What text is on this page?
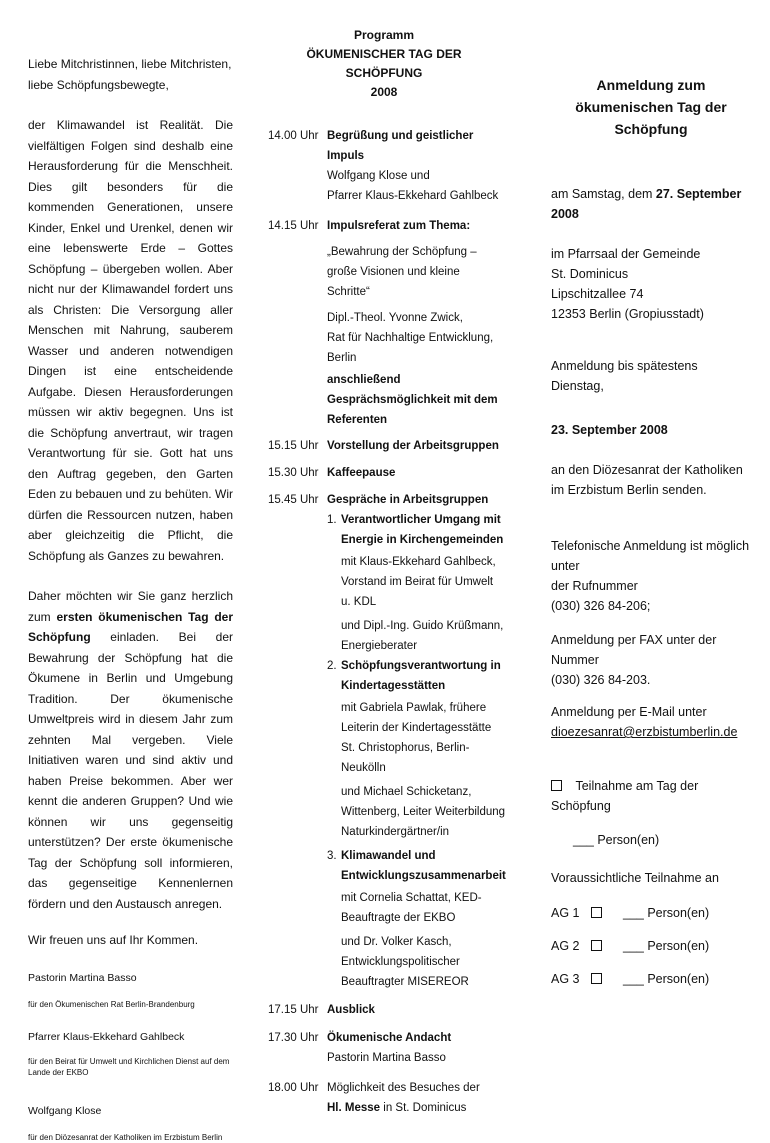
Liebe Mitchristinnen, liebe Mitchristen,

liebe Schöpfungsbewegte,

der Klimawandel ist Realität. Die vielfältigen Folgen sind deshalb eine Herausforderung für die Menschheit. Dies gilt besonders für die kommenden Generationen, unsere Kinder, Enkel und Urenkel, denen wir eine lebenswerte Erde – Gottes Schöpfung – übergeben wollen. Aber nicht nur der Klimawandel fordert uns als Christen: Die Versorgung aller Menschen mit Nahrung, sauberem Wasser und anderen notwendigen Dingen ist eine entscheidende Aufgabe. Diesen Herausforderungen müssen wir aktiv begegnen. Uns ist die Schöpfung anvertraut, wir tragen Verantwortung für sie. Gott hat uns den Auftrag gegeben, den Garten Eden zu bebauen und zu behüten. Wir dürfen die Ressourcen nutzen, haben aber gleichzeitig die Pflicht, die Schöpfung als Ganzes zu bewahren.

Daher möchten wir Sie ganz herzlich zum ersten ökumenischen Tag der Schöpfung einladen. Bei der Bewahrung der Schöpfung hat die Ökumene in Berlin und Umgebung Tradition. Der ökumenische Umweltpreis wird in diesem Jahr zum zehnten Mal vergeben. Viele Initiativen waren und sind aktiv und haben Preise bekommen. Aber wer kennt die anderen Gruppen? Und wie können wir uns gegenseitig unterstützen? Der erste ökumenische Tag der Schöpfung soll informieren, das gegenseitige Kennenlernen fördern und den Austausch anregen.

Wir freuen uns auf Ihr Kommen.

Pastorin Martina Basso

für den Ökumenischen Rat Berlin-Brandenburg

Pfarrer Klaus-Ekkehard Gahlbeck

für den Beirat für Umwelt und Kirchlichen Dienst auf dem Lande der EKBO

Wolfgang Klose

für den Diözesanrat der Katholiken im Erzbistum Berlin

Programm
ÖKUMENISCHER TAG DER SCHÖPFUNG
2008
14.00 Uhr Begrüßung und geistlicher Impuls
Wolfgang Klose und
Pfarrer Klaus-Ekkehard Gahlbeck
14.15 Uhr Impulsreferat zum Thema:
„Bewahrung der Schöpfung –
große Visionen und kleine Schritte“
Dipl.-Theol. Yvonne Zwick,
Rat für Nachhaltige Entwicklung, Berlin
anschließend Gesprächsmöglichkeit mit dem Referenten
15.15 Uhr Vorstellung der Arbeitsgruppen
15.30 Uhr Kaffeepause
15.45 Uhr Gespräche in Arbeitsgruppen
1. Verantwortlicher Umgang mit Energie in Kirchengemeinden
mit Klaus-Ekkehard Gahlbeck, Vorstand im Beirat für Umwelt u. KDL
und Dipl.-Ing. Guido Krüßmann, Energieberater
2. Schöpfungsverantwortung in Kindertagesstätten
mit Gabriela Pawlak, frühere Leiterin der Kindertagesstätte St. Christophorus, Berlin-Neukölln
und Michael Schicketanz, Wittenberg, Leiter Weiterbildung Naturkindergärtner/in
3. Klimawandel und Entwicklungszusammenarbeit
mit Cornelia Schattat, KED-Beauftragte der EKBO
und Dr. Volker Kasch, Entwicklungspolitischer Beauftragter MISEREOR
17.15 Uhr Ausblick
17.30 Uhr Ökumenische Andacht
Pastorin Martina Basso
18.00 Uhr Möglichkeit des Besuches der
Hl. Messe in St. Dominicus
Anmeldung zum ökumenischen Tag der Schöpfung

am Samstag, dem 27. September 2008

im Pfarrsaal der Gemeinde

St. Dominicus

Lipschitzallee 74

12353 Berlin (Gropiusstadt)

Anmeldung bis spätestens Dienstag,

23. September 2008

an den Diözesanrat der Katholiken

im Erzbistum Berlin senden.

Telefonische Anmeldung ist möglich unter

der Rufnummer

(030) 326 84-206;

Anmeldung per FAX unter der Nummer

(030) 326 84-203.

Anmeldung per E-Mail unter

dioezesanrat@erzbistumberlin.de

Teilnahme am Tag der Schöpfung

___ Person(en)

Voraussichtliche Teilnahme an

AG 1	___ Person(en)
AG 2	___ Person(en)
AG 3	___ Person(en)
